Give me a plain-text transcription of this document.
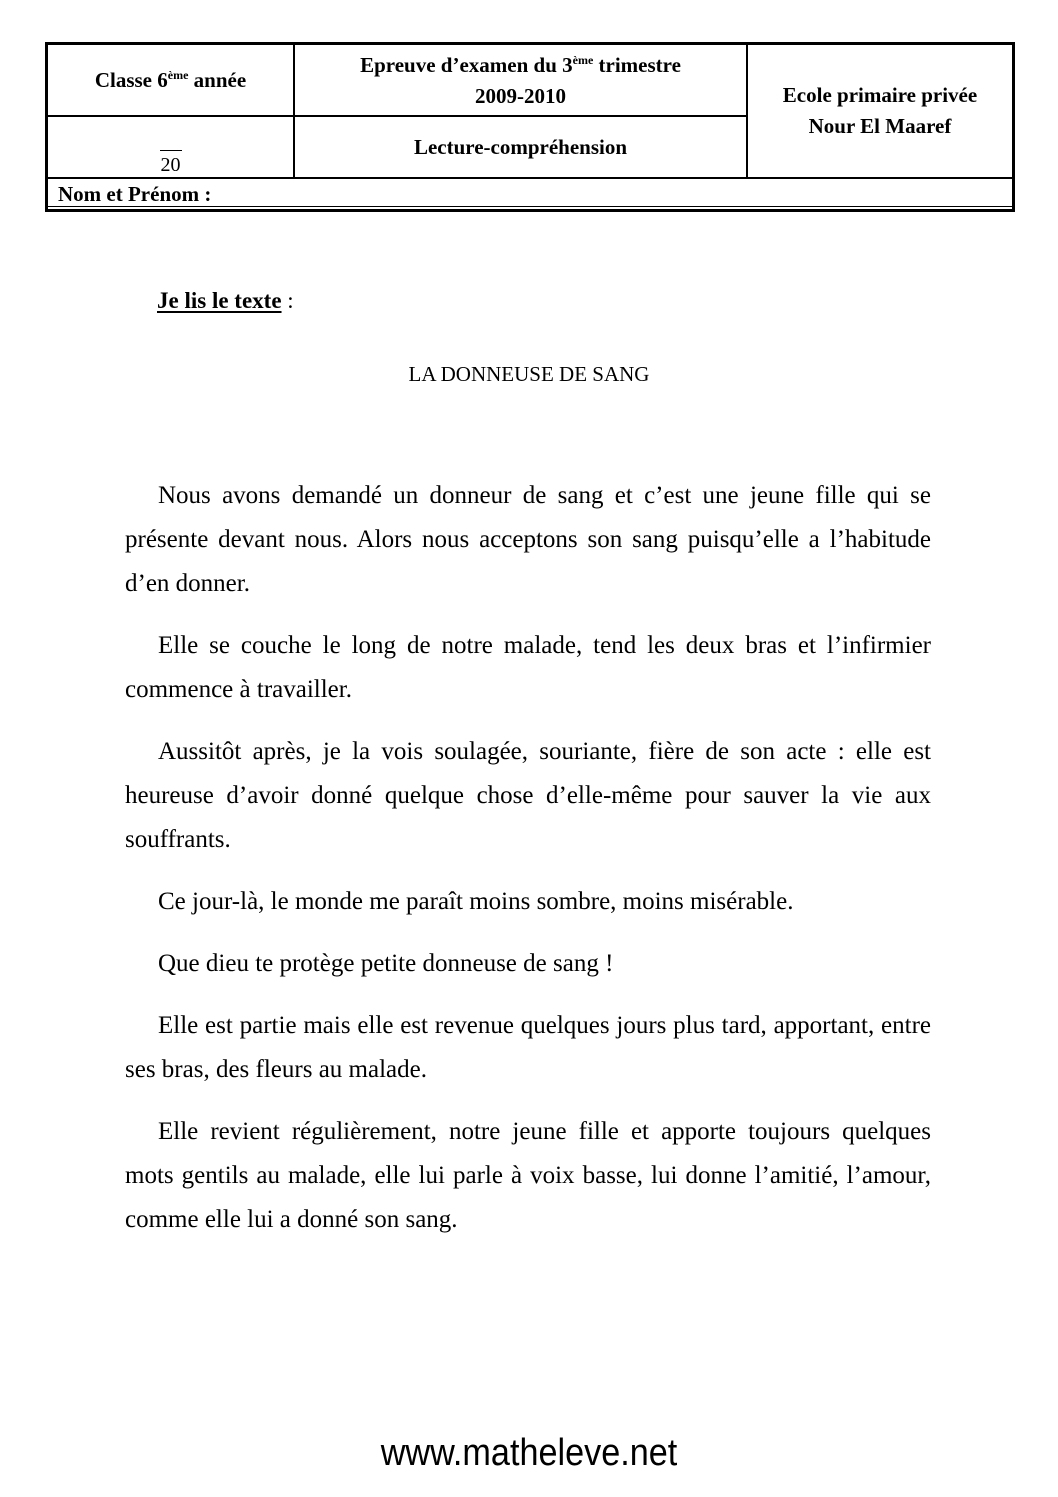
Classe 6ème année
Epreuve d’examen du 3ème trimestre
2009-2010
20
Lecture-compréhension
Ecole primaire privée
Nour El Maaref
Nom et Prénom :
Je lis le texte :
LA DONNEUSE DE SANG

Nous avons demandé un donneur de sang et c’est une jeune fille qui se présente devant nous. Alors nous acceptons son sang puisqu’elle a l’habitude d’en donner.

Elle se couche le long de notre malade, tend les deux bras et l’infirmier commence à travailler.

Aussitôt après, je la vois soulagée, souriante, fière de son acte : elle est heureuse d’avoir donné quelque chose d’elle-même pour sauver la vie aux souffrants.

Ce jour-là, le monde me paraît moins sombre, moins misérable.

Que dieu te protège petite donneuse de sang !

Elle est partie mais elle est revenue quelques jours plus tard, apportant, entre ses bras, des fleurs au malade.

Elle revient régulièrement, notre jeune fille et apporte toujours quelques mots gentils au malade, elle lui parle à voix basse, lui donne l’amitié, l’amour, comme elle lui a donné son sang.

www.matheleve.net
